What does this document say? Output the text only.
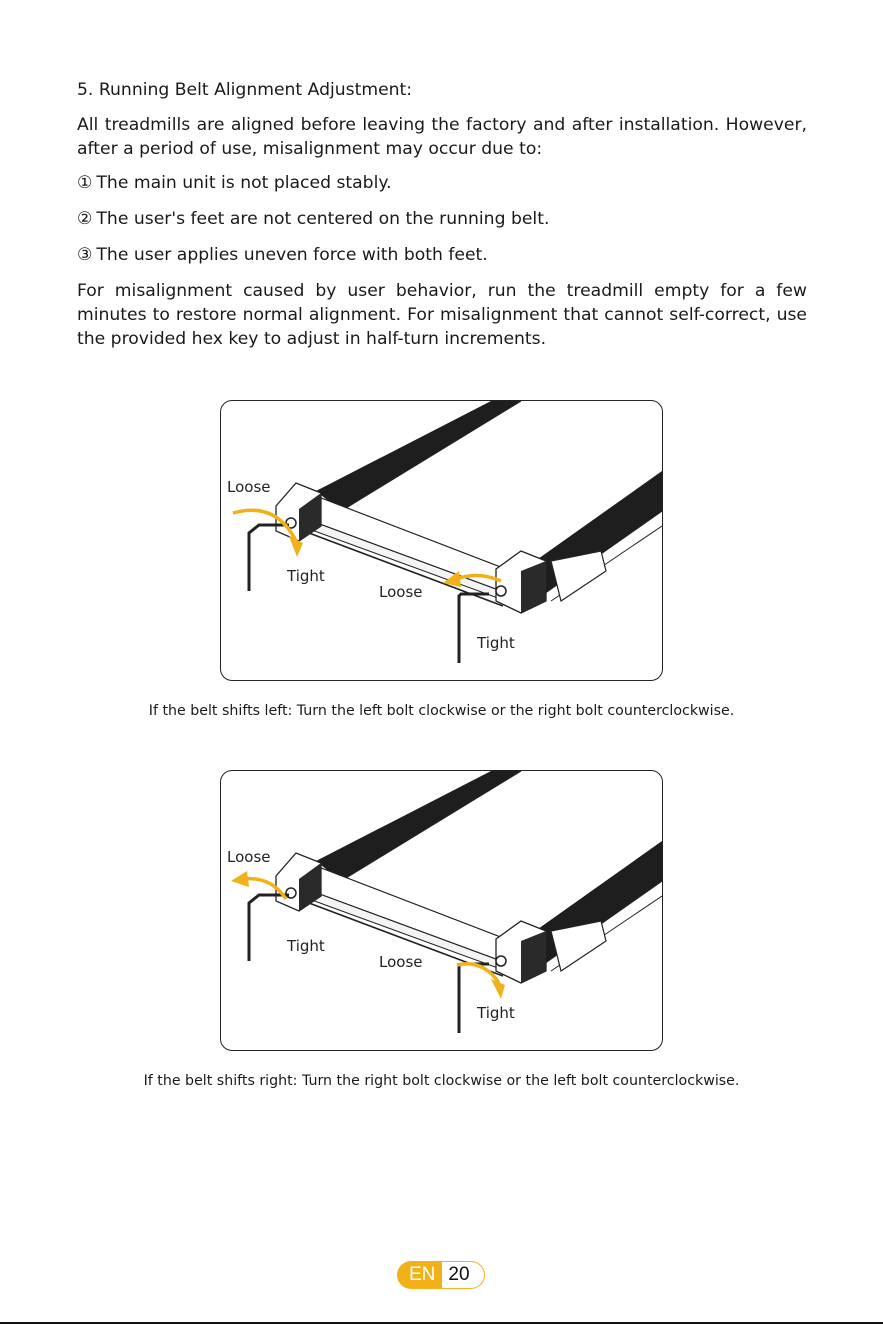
5. Running Belt Alignment Adjustment:

All treadmills are aligned before leaving the factory and after installation. However, after a period of use, misalignment may occur due to:

① The main unit is not placed stably.

② The user's feet are not centered on the running belt.

③ The user applies uneven force with both feet.

For misalignment caused by user behavior, run the treadmill empty for a few minutes to restore normal alignment. For misalignment that cannot self-correct, use the provided hex key to adjust in half-turn increments.

Loose
Tight
Loose
Tight
If the belt shifts left: Turn the left bolt clockwise or the right bolt counterclockwise.
Loose
Tight
Loose
Tight
If the belt shifts right: Turn the right bolt clockwise or the left bolt counterclockwise.
EN 20
